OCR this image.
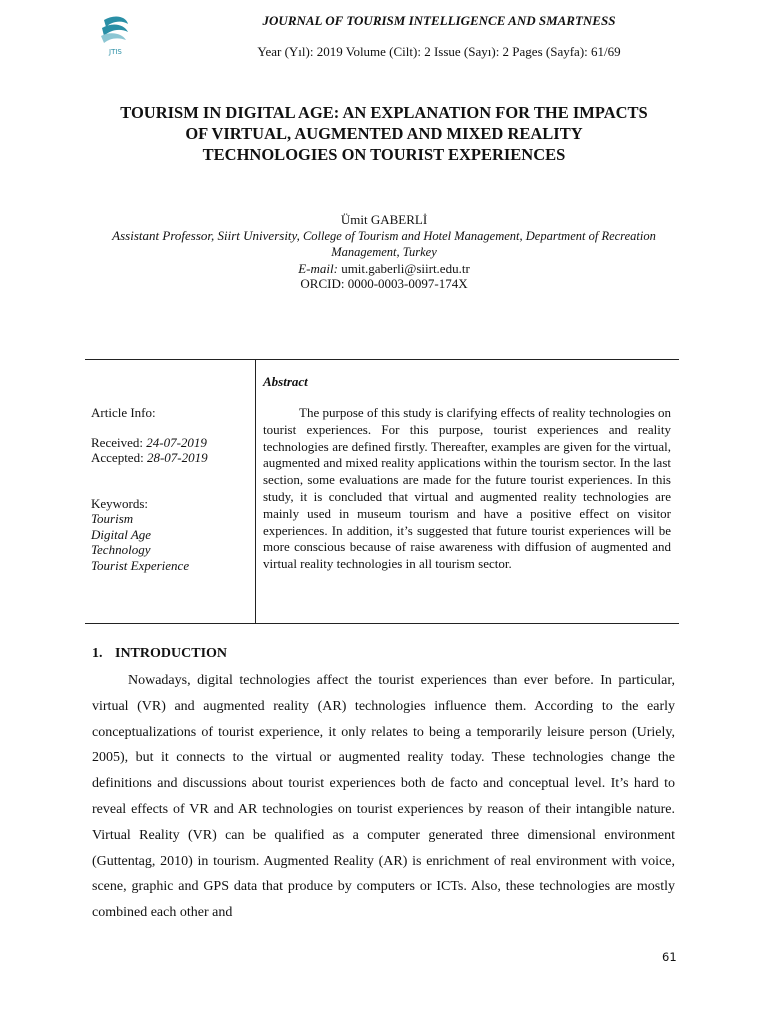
JTIS
JOURNAL OF TOURISM INTELLIGENCE AND SMARTNESS
Year (Yıl): 2019 Volume (Cilt): 2 Issue (Sayı): 2 Pages (Sayfa): 61/69
TOURISM IN DIGITAL AGE: AN EXPLANATION FOR THE IMPACTS
OF VIRTUAL, AUGMENTED AND MIXED REALITY
TECHNOLOGIES ON TOURIST EXPERIENCES
Ümit GABERLİ
Assistant Professor, Siirt University, College of Tourism and Hotel Management, Department of Recreation Management, Turkey
E-mail: umit.gaberli@siirt.edu.tr
ORCID: 0000-0003-0097-174X
Article Info:
Received: 24-07-2019
Accepted: 28-07-2019
Keywords:
Tourism
Digital Age
Technology
Tourist Experience
Abstract

The purpose of this study is clarifying effects of reality technologies on tourist experiences. For this purpose, tourist experiences and reality technologies are defined firstly. Thereafter, examples are given for the virtual, augmented and mixed reality applications within the tourism sector. In the last section, some evaluations are made for the future tourist experiences. In this study, it is concluded that virtual and augmented reality technologies are mainly used in museum tourism and have a positive effect on visitor experiences. In addition, it’s suggested that future tourist experiences will be more conscious because of raise awareness with diffusion of augmented and virtual reality technologies in all tourism sector.

1. INTRODUCTION

Nowadays, digital technologies affect the tourist experiences than ever before. In particular, virtual (VR) and augmented reality (AR) technologies influence them. According to the early conceptualizations of tourist experience, it only relates to being a temporarily leisure person (Uriely, 2005), but it connects to the virtual or augmented reality today. These technologies change the definitions and discussions about tourist experiences both de facto and conceptual level. It’s hard to reveal effects of VR and AR technologies on tourist experiences by reason of their intangible nature. Virtual Reality (VR) can be qualified as a computer generated three dimensional environment (Guttentag, 2010) in tourism. Augmented Reality (AR) is enrichment of real environment with voice, scene, graphic and GPS data that produce by computers or ICTs. Also, these technologies are mostly combined each other and

61
